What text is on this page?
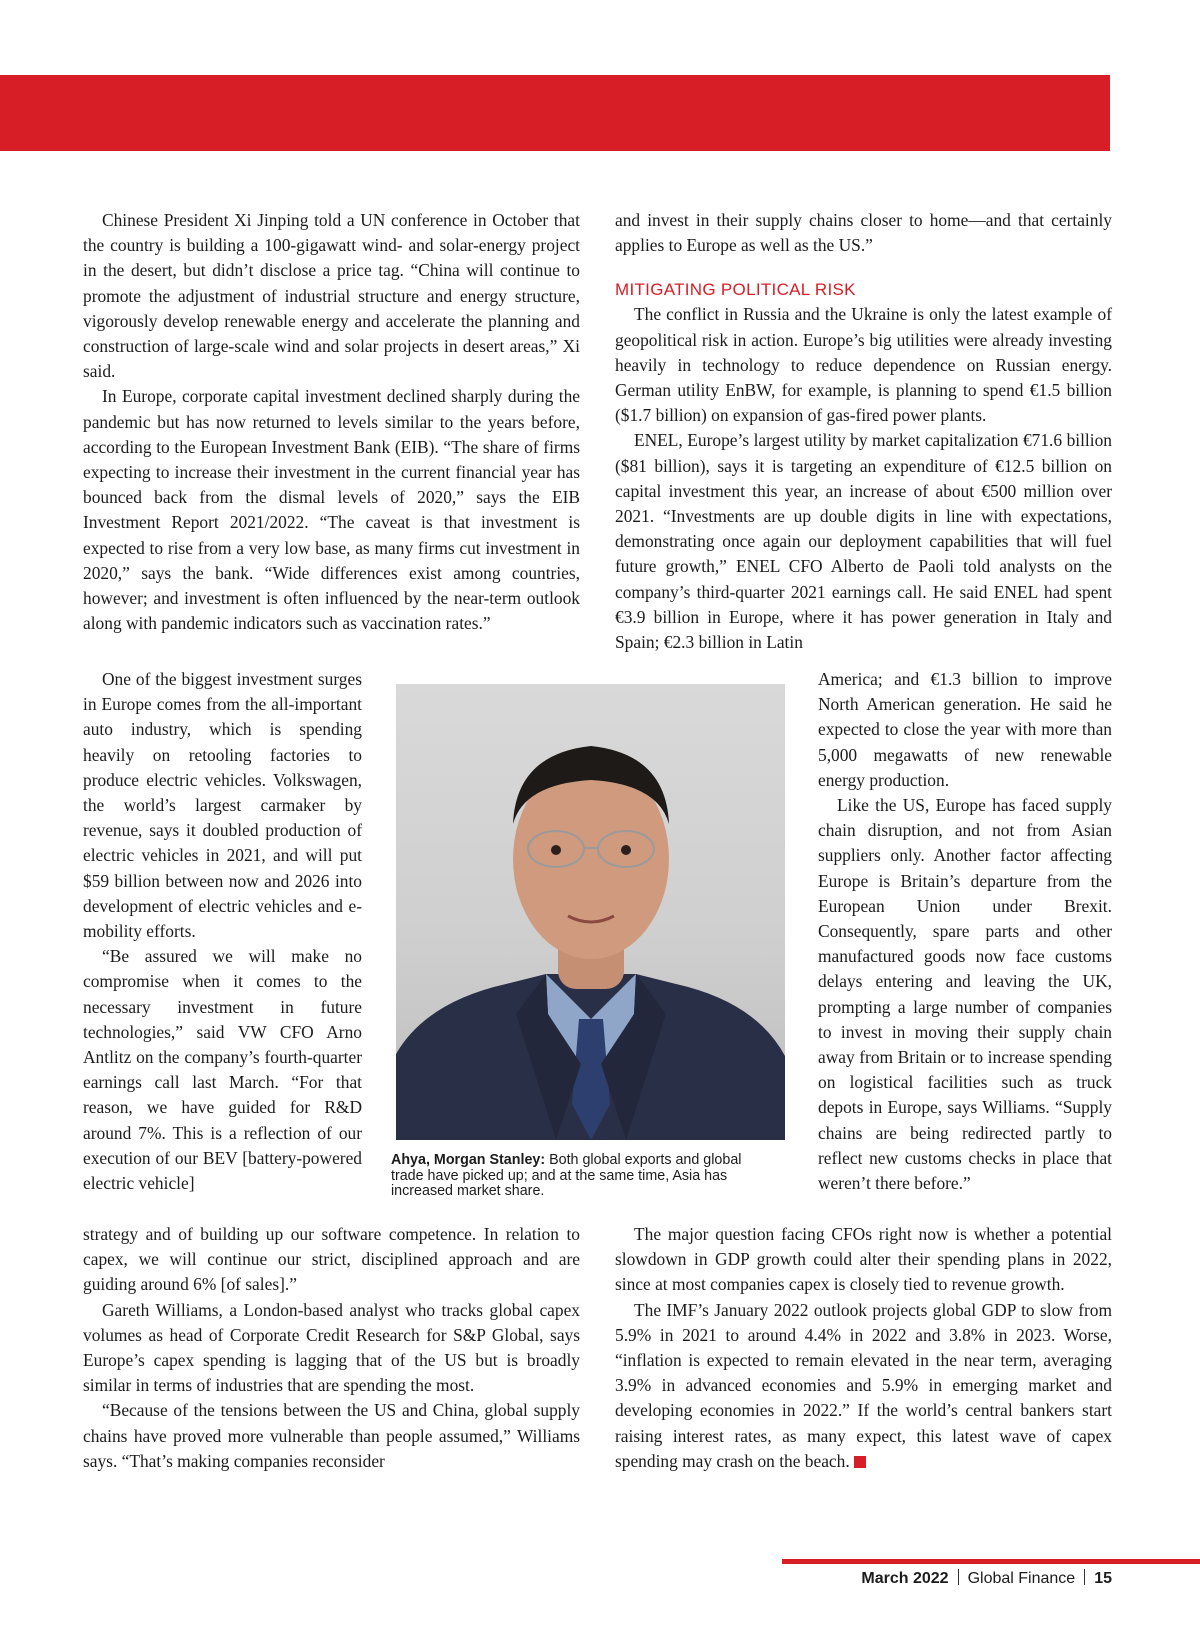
Chinese President Xi Jinping told a UN conference in October that the country is building a 100-gigawatt wind- and solar-energy project in the desert, but didn’t disclose a price tag. “China will continue to promote the adjustment of industrial structure and energy structure, vigorously develop renewable energy and accelerate the planning and construction of large-scale wind and solar projects in desert areas,” Xi said.

In Europe, corporate capital investment declined sharply during the pandemic but has now returned to levels similar to the years before, according to the European Investment Bank (EIB). “The share of firms expecting to increase their investment in the current financial year has bounced back from the dismal levels of 2020,” says the EIB Investment Report 2021/2022. “The caveat is that investment is expected to rise from a very low base, as many firms cut investment in 2020,” says the bank. “Wide differences exist among countries, however; and investment is often influenced by the near-term outlook along with pandemic indicators such as vaccination rates.”

One of the biggest investment surges in Europe comes from the all-important auto industry, which is spending heavily on retooling factories to produce electric vehicles. Volkswagen, the world’s largest carmaker by revenue, says it doubled production of electric vehicles in 2021, and will put $59 billion between now and 2026 into development of electric vehicles and e-mobility efforts.

“Be assured we will make no compromise when it comes to the necessary investment in future technologies,” said VW CFO Arno Antlitz on the company’s fourth-quarter earnings call last March. “For that reason, we have guided for R&D around 7%. This is a reflection of our execution of our BEV [battery-powered electric vehicle]

strategy and of building up our software competence. In relation to capex, we will continue our strict, disciplined approach and are guiding around 6% [of sales].”

Gareth Williams, a London-based analyst who tracks global capex volumes as head of Corporate Credit Research for S&P Global, says Europe’s capex spending is lagging that of the US but is broadly similar in terms of industries that are spending the most.

“Because of the tensions between the US and China, global supply chains have proved more vulnerable than people assumed,” Williams says. “That’s making companies reconsider

and invest in their supply chains closer to home—and that certainly applies to Europe as well as the US.”

MITIGATING POLITICAL RISK

The conflict in Russia and the Ukraine is only the latest example of geopolitical risk in action. Europe’s big utilities were already investing heavily in technology to reduce dependence on Russian energy. German utility EnBW, for example, is planning to spend €1.5 billion ($1.7 billion) on expansion of gas-fired power plants.

ENEL, Europe’s largest utility by market capitalization €71.6 billion ($81 billion), says it is targeting an expenditure of €12.5 billion on capital investment this year, an increase of about €500 million over 2021. “Investments are up double digits in line with expectations, demonstrating once again our deployment capabilities that will fuel future growth,” ENEL CFO Alberto de Paoli told analysts on the company’s third-quarter 2021 earnings call. He said ENEL had spent €3.9 billion in Europe, where it has power generation in Italy and Spain; €2.3 billion in Latin

America; and €1.3 billion to improve North American generation. He said he expected to close the year with more than 5,000 megawatts of new renewable energy production.

Like the US, Europe has faced supply chain disruption, and not from Asian suppliers only. Another factor affecting Europe is Britain’s departure from the European Union under Brexit. Consequently, spare parts and other manufactured goods now face customs delays entering and leaving the UK, prompting a large number of companies to invest in moving their supply chain away from Britain or to increase spending on logistical facilities such as truck depots in Europe, says Williams. “Supply chains are being redirected partly to reflect new customs checks in place that weren’t there before.”

The major question facing CFOs right now is whether a potential slowdown in GDP growth could alter their spending plans in 2022, since at most companies capex is closely tied to revenue growth.

The IMF’s January 2022 outlook projects global GDP to slow from 5.9% in 2021 to around 4.4% in 2022 and 3.8% in 2023. Worse, “inflation is expected to remain elevated in the near term, averaging 3.9% in advanced economies and 5.9% in emerging market and developing economies in 2022.” If the world’s central bankers start raising interest rates, as many expect, this latest wave of capex spending may crash on the beach.

Ahya, Morgan Stanley: Both global exports and global trade have picked up; and at the same time, Asia has increased market share.
March 2022 Global Finance 15
